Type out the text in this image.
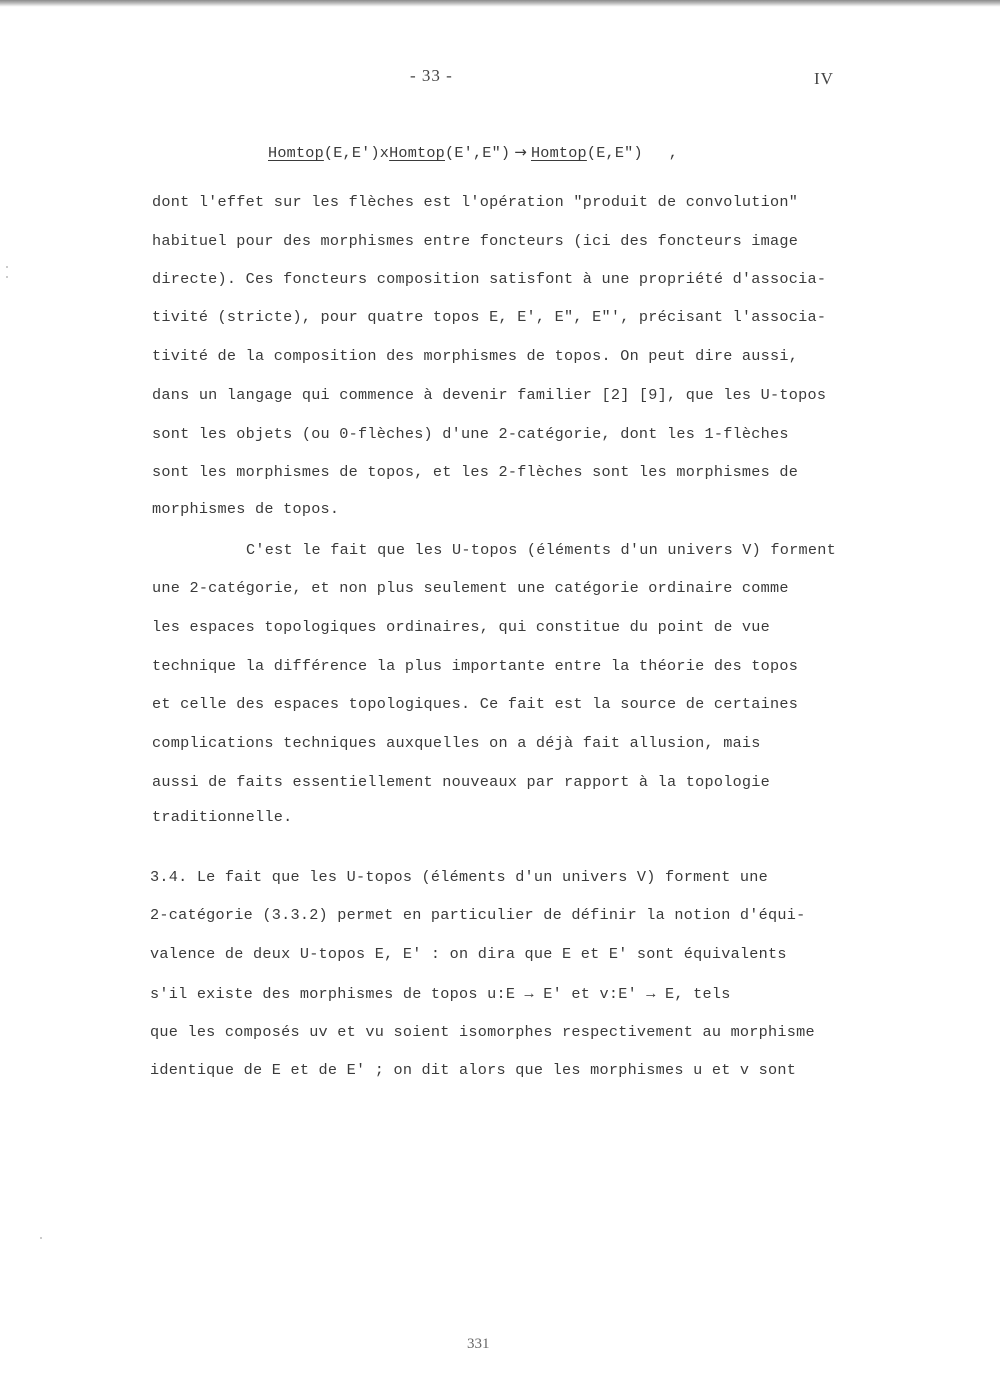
- 33 -	IV
Homtop(E,E')xHomtop(E',E") → Homtop(E,E") ,
dont l'effet sur les flèches est l'opération "produit de convolution"
habituel pour des morphismes entre foncteurs (ici des foncteurs image
directe). Ces foncteurs composition satisfont à une propriété d'associa-
tivité (stricte), pour quatre topos E, E', E", E"', précisant l'associa-
tivité de la composition des morphismes de topos. On peut dire aussi,
dans un langage qui commence à devenir familier [2] [9], que les U-topos
sont les objets (ou 0-flèches) d'une 2-catégorie, dont les 1-flèches
sont les morphismes de topos, et les 2-flèches sont les morphismes de
morphismes de topos.
C'est le fait que les U-topos (éléments d'un univers V) forment
une 2-catégorie, et non plus seulement une catégorie ordinaire comme
les espaces topologiques ordinaires, qui constitue du point de vue
technique la différence la plus importante entre la théorie des topos
et celle des espaces topologiques. Ce fait est la source de certaines
complications techniques auxquelles on a déjà fait allusion, mais
aussi de faits essentiellement nouveaux par rapport à la topologie
traditionnelle.
3.4. Le fait que les U-topos (éléments d'un univers V) forment une
2-catégorie (3.3.2) permet en particulier de définir la notion d'équi-
valence de deux U-topos E, E' : on dira que E et E' sont équivalents
s'il existe des morphismes de topos u:E → E' et v:E' → E, tels
que les composés uv et vu soient isomorphes respectivement au morphisme
identique de E et de E' ; on dit alors que les morphismes u et v sont
331
